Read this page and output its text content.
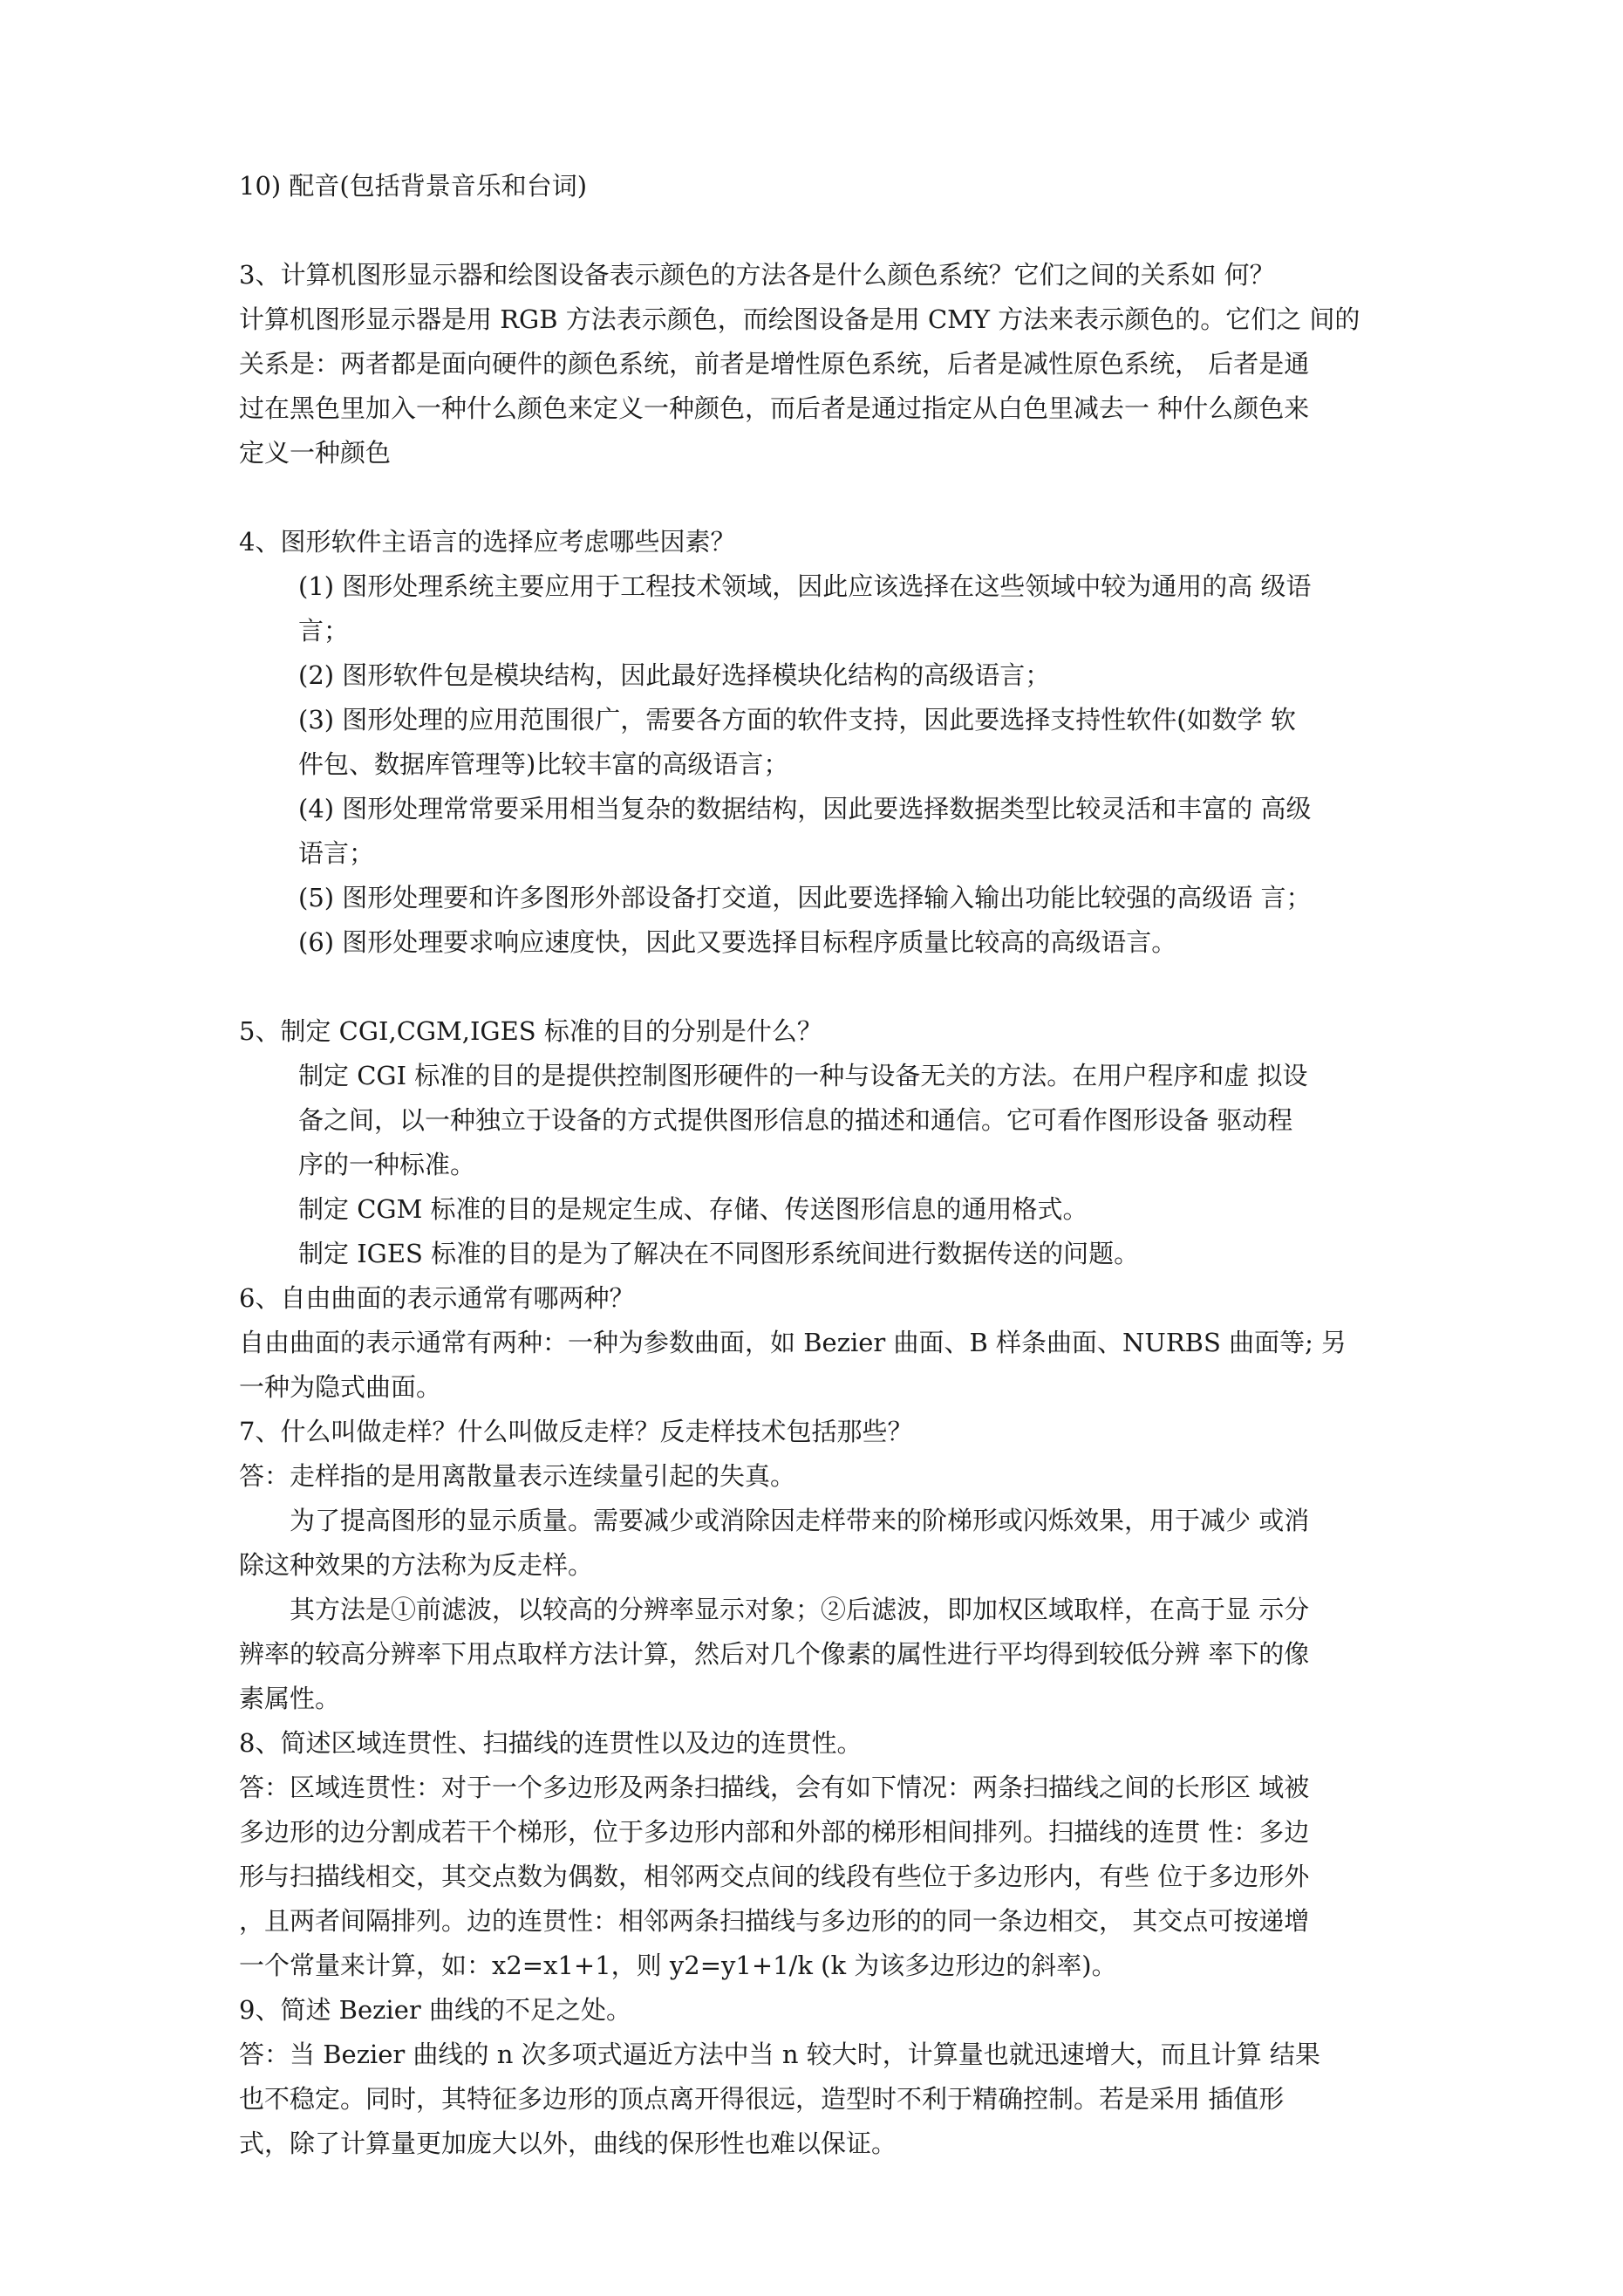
10) 配音(包括背景音乐和台词)
3、计算机图形显示器和绘图设备表示颜色的方法各是什么颜色系统？它们之间的关系如 何？
计算机图形显示器是用 RGB 方法表示颜色，而绘图设备是用 CMY 方法来表示颜色的。它们之 间的
关系是：两者都是面向硬件的颜色系统，前者是增性原色系统，后者是减性原色系统， 后者是通
过在黑色里加入一种什么颜色来定义一种颜色，而后者是通过指定从白色里减去一 种什么颜色来
定义一种颜色
4、图形软件主语言的选择应考虑哪些因素？
(1) 图形处理系统主要应用于工程技术领域，因此应该选择在这些领域中较为通用的高 级语
言；
(2) 图形软件包是模块结构，因此最好选择模块化结构的高级语言；
(3) 图形处理的应用范围很广，需要各方面的软件支持，因此要选择支持性软件(如数学 软
件包、数据库管理等)比较丰富的高级语言；
(4) 图形处理常常要采用相当复杂的数据结构，因此要选择数据类型比较灵活和丰富的 高级
语言；
(5) 图形处理要和许多图形外部设备打交道，因此要选择输入输出功能比较强的高级语 言；
(6) 图形处理要求响应速度快，因此又要选择目标程序质量比较高的高级语言。
5、制定 CGI,CGM,IGES 标准的目的分别是什么？
制定 CGI 标准的目的是提供控制图形硬件的一种与设备无关的方法。在用户程序和虚 拟设
备之间，以一种独立于设备的方式提供图形信息的描述和通信。它可看作图形设备 驱动程
序的一种标准。
制定 CGM 标准的目的是规定生成、存储、传送图形信息的通用格式。
制定 IGES 标准的目的是为了解决在不同图形系统间进行数据传送的问题。
6、自由曲面的表示通常有哪两种？
自由曲面的表示通常有两种：一种为参数曲面，如 Bezier 曲面、B 样条曲面、NURBS 曲面等; 另
一种为隐式曲面。
7、什么叫做走样？什么叫做反走样？反走样技术包括那些？
答：走样指的是用离散量表示连续量引起的失真。
　　为了提高图形的显示质量。需要减少或消除因走样带来的阶梯形或闪烁效果，用于减少 或消
除这种效果的方法称为反走样。
　　其方法是①前滤波，以较高的分辨率显示对象；②后滤波，即加权区域取样，在高于显 示分
辨率的较高分辨率下用点取样方法计算，然后对几个像素的属性进行平均得到较低分辨 率下的像
素属性。
8、简述区域连贯性、扫描线的连贯性以及边的连贯性。
答：区域连贯性：对于一个多边形及两条扫描线，会有如下情况：两条扫描线之间的长形区 域被
多边形的边分割成若干个梯形，位于多边形内部和外部的梯形相间排列。扫描线的连贯 性：多边
形与扫描线相交，其交点数为偶数，相邻两交点间的线段有些位于多边形内，有些 位于多边形外
，且两者间隔排列。边的连贯性：相邻两条扫描线与多边形的的同一条边相交， 其交点可按递增
一个常量来计算，如：x2=x1+1，则 y2=y1+1/k (k 为该多边形边的斜率)。
9、简述 Bezier 曲线的不足之处。
答：当 Bezier 曲线的 n 次多项式逼近方法中当 n 较大时，计算量也就迅速增大，而且计算 结果
也不稳定。同时，其特征多边形的顶点离开得很远，造型时不利于精确控制。若是采用 插值形
式，除了计算量更加庞大以外，曲线的保形性也难以保证。
